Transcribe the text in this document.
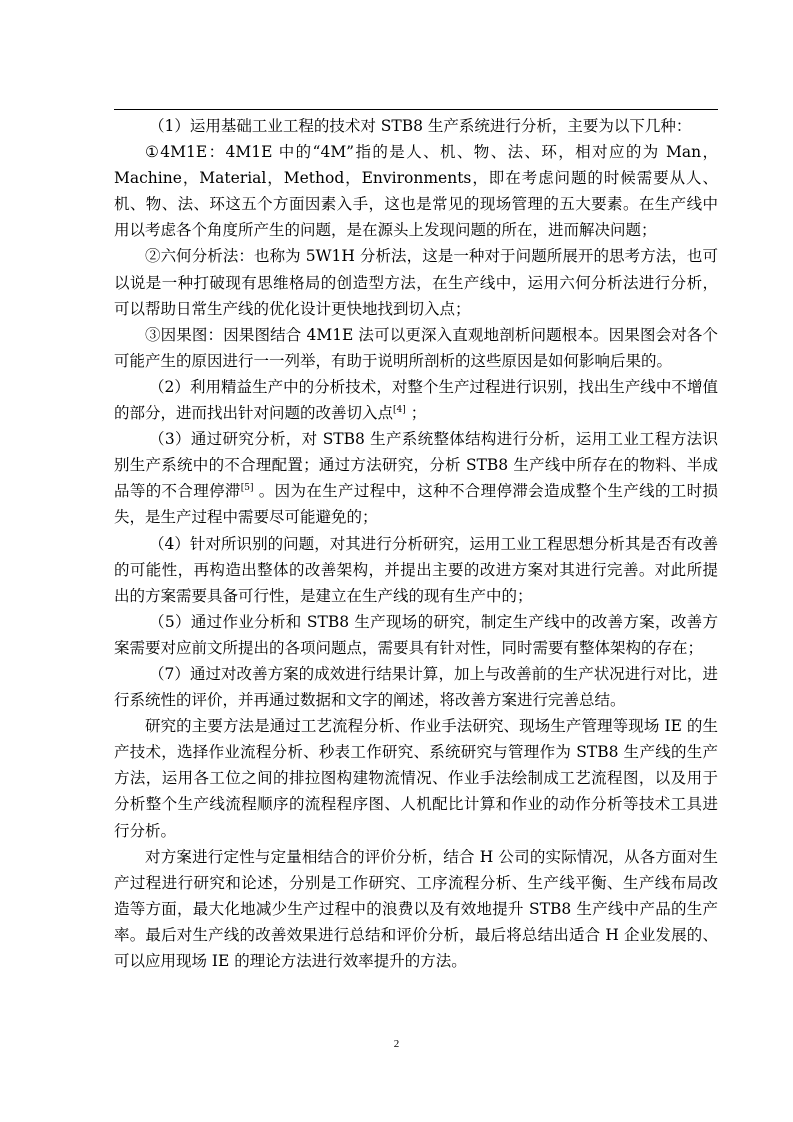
（1）运用基础工业工程的技术对 STB8 生产系统进行分析，主要为以下几种：

①4M1E：4M1E 中的“4M”指的是人、机、物、法、环，相对应的为 Man，Machine，Material，Method，Environments，即在考虑问题的时候需要从人、机、物、法、环这五个方面因素入手，这也是常见的现场管理的五大要素。在生产线中用以考虑各个角度所产生的问题，是在源头上发现问题的所在，进而解决问题；

②六何分析法：也称为 5W1H 分析法，这是一种对于问题所展开的思考方法，也可以说是一种打破现有思维格局的创造型方法，在生产线中，运用六何分析法进行分析，可以帮助日常生产线的优化设计更快地找到切入点；

③因果图：因果图结合 4M1E 法可以更深入直观地剖析问题根本。因果图会对各个可能产生的原因进行一一列举，有助于说明所剖析的这些原因是如何影响后果的。

（2）利用精益生产中的分析技术，对整个生产过程进行识别，找出生产线中不增值的部分，进而找出针对问题的改善切入点[4] ；

（3）通过研究分析，对 STB8 生产系统整体结构进行分析，运用工业工程方法识别生产系统中的不合理配置；通过方法研究，分析 STB8 生产线中所存在的物料、半成品等的不合理停滞[5] 。因为在生产过程中，这种不合理停滞会造成整个生产线的工时损失，是生产过程中需要尽可能避免的；

（4）针对所识别的问题，对其进行分析研究，运用工业工程思想分析其是否有改善的可能性，再构造出整体的改善架构，并提出主要的改进方案对其进行完善。对此所提出的方案需要具备可行性，是建立在生产线的现有生产中的；

（5）通过作业分析和 STB8 生产现场的研究，制定生产线中的改善方案，改善方案需要对应前文所提出的各项问题点，需要具有针对性，同时需要有整体架构的存在；

（7）通过对改善方案的成效进行结果计算，加上与改善前的生产状况进行对比，进行系统性的评价，并再通过数据和文字的阐述，将改善方案进行完善总结。

研究的主要方法是通过工艺流程分析、作业手法研究、现场生产管理等现场 IE 的生产技术，选择作业流程分析、秒表工作研究、系统研究与管理作为 STB8 生产线的生产方法，运用各工位之间的排拉图构建物流情况、作业手法绘制成工艺流程图，以及用于分析整个生产线流程顺序的流程程序图、人机配比计算和作业的动作分析等技术工具进行分析。

对方案进行定性与定量相结合的评价分析，结合 H 公司的实际情况，从各方面对生产过程进行研究和论述，分别是工作研究、工序流程分析、生产线平衡、生产线布局改造等方面，最大化地减少生产过程中的浪费以及有效地提升 STB8 生产线中产品的生产率。最后对生产线的改善效果进行总结和评价分析，最后将总结出适合 H 企业发展的、可以应用现场 IE 的理论方法进行效率提升的方法。

2
